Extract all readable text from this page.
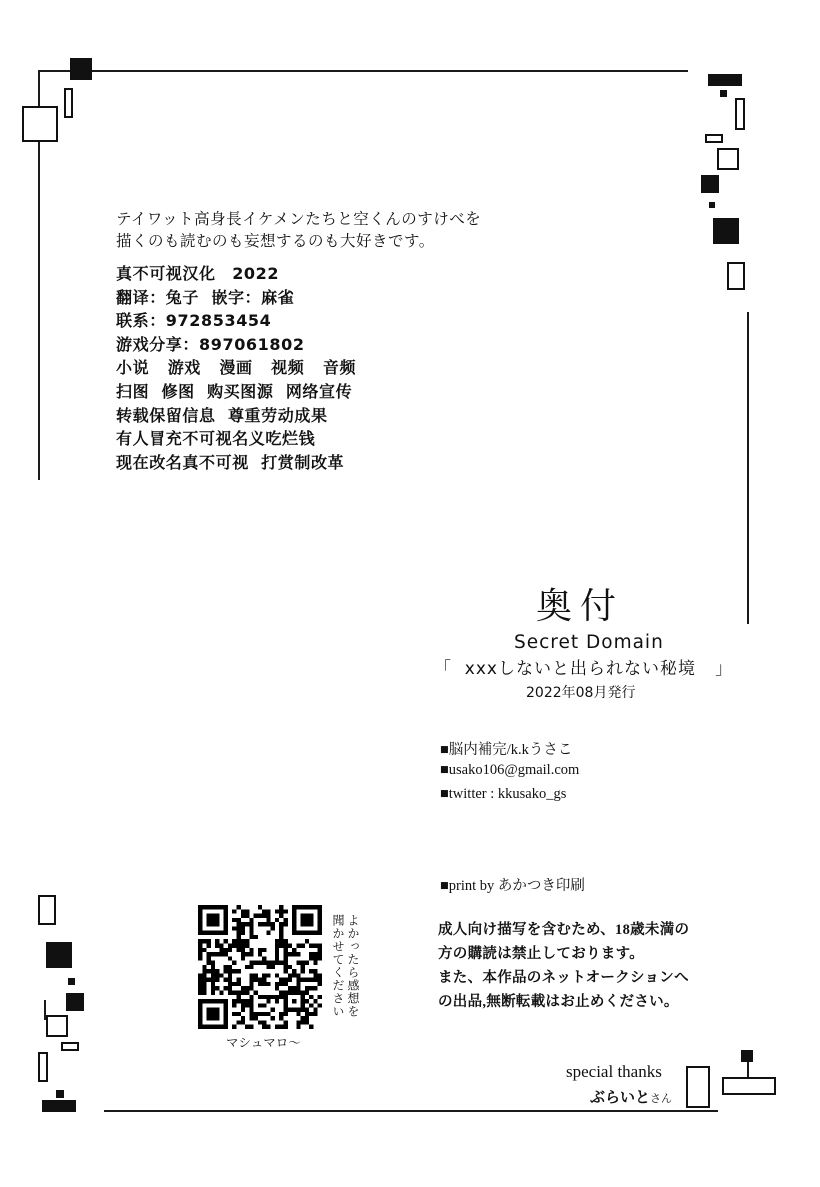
テイワット高身長イケメンたちと空くんのすけべを
描くのも読むのも妄想するのも大好きです。
真不可视汉化　2022
翻译：兔子  嵌字：麻雀
联系：972853454
游戏分享：897061802
小说   游戏   漫画   视频   音频
扫图  修图  购买图源  网络宣传
转载保留信息  尊重劳动成果
有人冒充不可视名义吃烂钱
现在改名真不可视  打赏制改革
奥付
Secret Domain
「  xxxしないと出られない秘境   」
2022年08月発行
■脳内補完/k.kうさこ
■usako106@gmail.com
■twitter : kkusako_gs
■print by あかつき印刷
成人向け描写を含むため、18歳未満の
方の購読は禁止しております。
また、本作品のネットオークションへ
の出品,無断転載はお止めください。
マシュマロ〜
よかったら感想を聞かせてください
special thanks
ぶらいとさん
